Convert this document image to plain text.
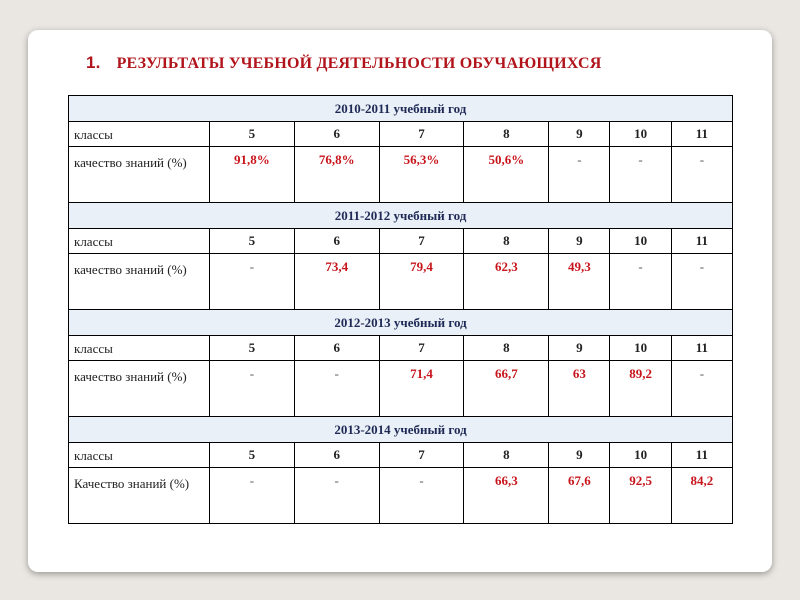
1. РЕЗУЛЬТАТЫ УЧЕБНОЙ ДЕЯТЕЛЬНОСТИ ОБУЧАЮЩИХСЯ
2010-2011 учебный год							
классы	5	6	7	8	9	10	11
качество знаний (%)	91,8%	76,8%	56,3%	50,6%	-	-	-
2011-2012 учебный год							
классы	5	6	7	8	9	10	11
качество знаний (%)	-	73,4	79,4	62,3	49,3	-	-
2012-2013 учебный год							
классы	5	6	7	8	9	10	11
качество знаний (%)	-	-	71,4	66,7	63	89,2	-
2013-2014 учебный год							
классы	5	6	7	8	9	10	11
Качество знаний (%)	-	-	-	66,3	67,6	92,5	84,2
